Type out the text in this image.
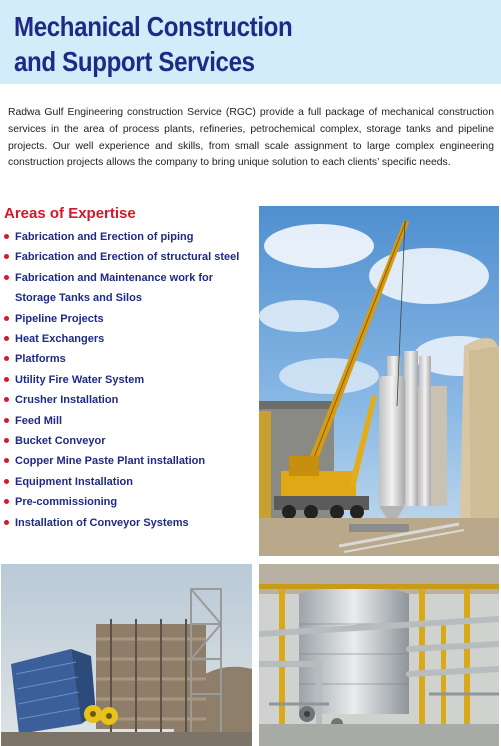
Mechanical Construction
and Support Services

Radwa Gulf Engineering construction Service (RGC) provide a full package of mechanical construction services in the area of process plants, refineries, petrochemical complex, storage tanks and pipeline projects. Our well experience and skills, from small scale assignment to large complex engineering construction projects allows the company to bring unique solution to each clients’ specific needs.

Areas of Expertise
Fabrication and Erection of piping
Fabrication and Erection of structural steel
Fabrication and Maintenance work for
Storage Tanks and Silos
Pipeline Projects
Heat Exchangers
Platforms
Utility Fire Water System
Crusher Installation
Feed Mill
Bucket Conveyor
Copper Mine Paste Plant installation
Equipment Installation
Pre-commissioning
Installation of Conveyor Systems
